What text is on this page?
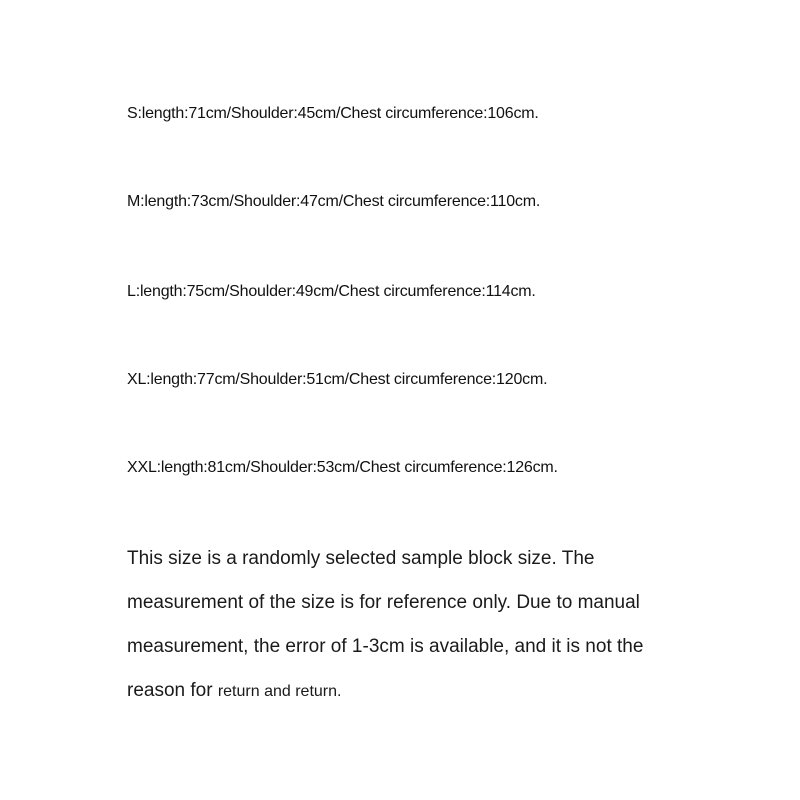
S:length:71cm/Shoulder:45cm/Chest circumference:106cm.
M:length:73cm/Shoulder:47cm/Chest circumference:110cm.
L:length:75cm/Shoulder:49cm/Chest circumference:114cm.
XL:length:77cm/Shoulder:51cm/Chest circumference:120cm.
XXL:length:81cm/Shoulder:53cm/Chest circumference:126cm.
This size is a randomly selected sample block size. The
measurement of the size is for reference only. Due to manual
measurement, the error of 1-3cm is available, and it is not the
reason for return and return.
